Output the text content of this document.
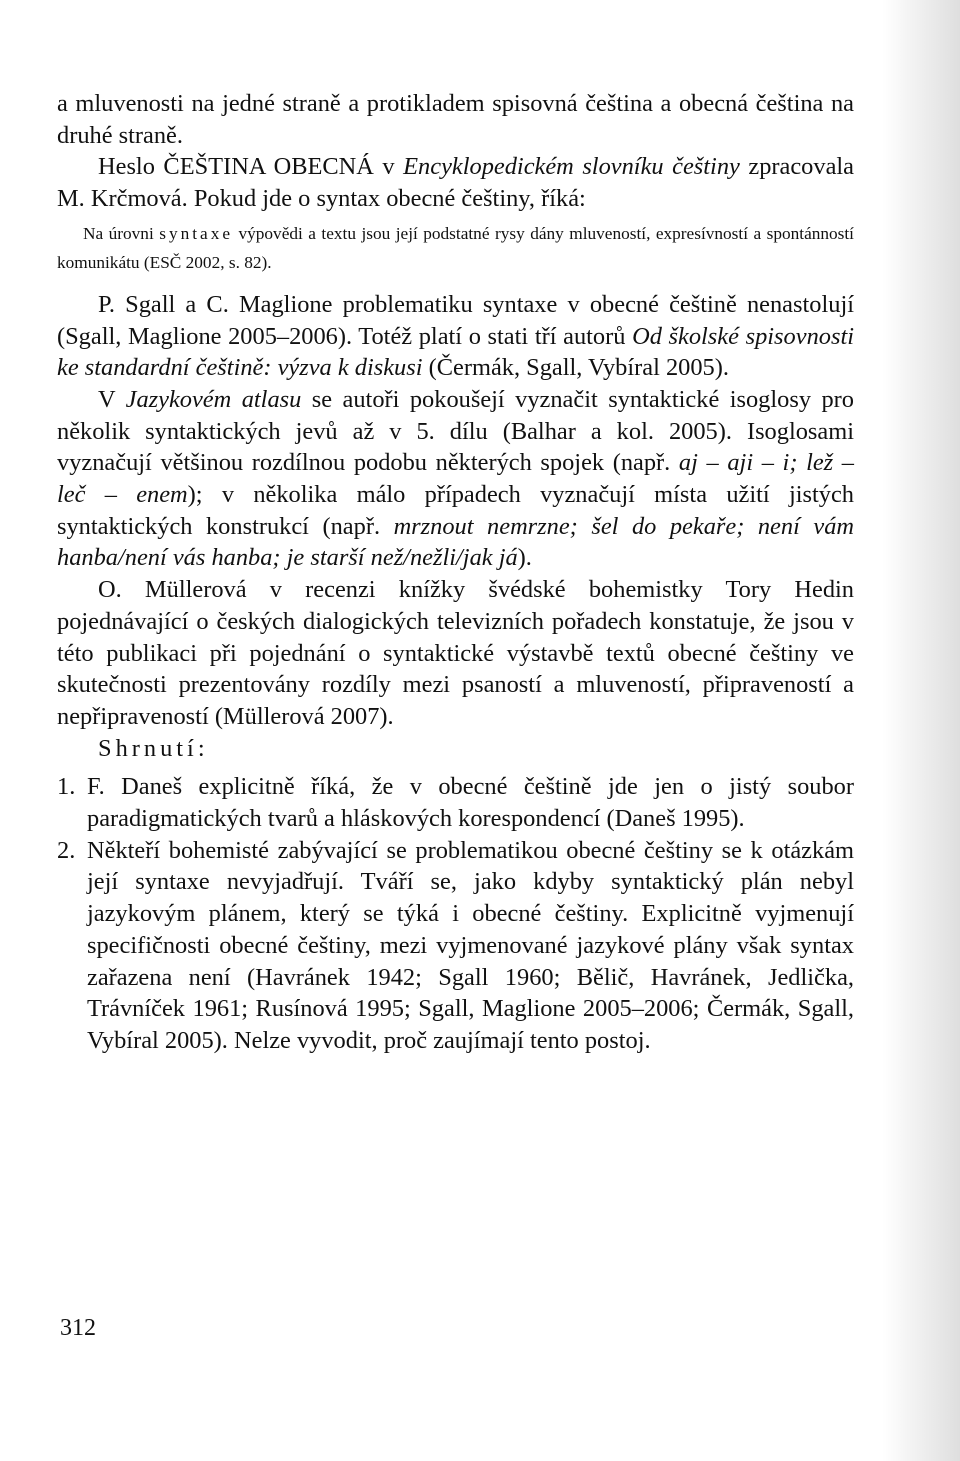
a mluvenosti na jedné straně a protikladem spisovná čeština a obecná čeština na druhé straně.

Heslo ČEŠTINA OBECNÁ v Encyklopedickém slovníku češtiny zpracovala M. Krčmová. Pokud jde o syntax obecné češtiny, říká:

Na úrovni syntaxe výpovědi a textu jsou její podstatné rysy dány mluveností, expresívností a spontánností komunikátu (ESČ 2002, s. 82).

P. Sgall a C. Maglione problematiku syntaxe v obecné češtině nenastolují (Sgall, Maglione 2005–2006). Totéž platí o stati tří autorů Od školské spisovnosti ke standardní češtině: výzva k diskusi (Čermák, Sgall, Vybíral 2005).

V Jazykovém atlasu se autoři pokoušejí vyznačit syntaktické isoglosy pro několik syntaktických jevů až v 5. dílu (Balhar a kol. 2005). Isoglosami vyznačují většinou rozdílnou podobu některých spojek (např. aj – aji – i; lež – leč – enem); v několika málo případech vyznačují místa užití jistých syntaktických konstrukcí (např. mrznout nemrzne; šel do pekaře; není vám hanba/není vás hanba; je starší než/nežli/jak já).

O. Müllerová v recenzi knížky švédské bohemistky Tory Hedin pojednávající o českých dialogických televizních pořadech konstatuje, že jsou v této publikaci při pojednání o syntaktické výstavbě textů obecné češtiny ve skutečnosti prezentovány rozdíly mezi psaností a mluveností, připraveností a nepřipraveností (Müllerová 2007).

Shrnutí:

1. F. Daneš explicitně říká, že v obecné češtině jde jen o jistý soubor paradigmatických tvarů a hláskových korespondencí (Daneš 1995).
2. Někteří bohemisté zabývající se problematikou obecné češtiny se k otázkám její syntaxe nevyjadřují. Tváří se, jako kdyby syntaktický plán nebyl jazykovým plánem, který se týká i obecné češtiny. Explicitně vyjmenují specifičnosti obecné češtiny, mezi vyjmenované jazykové plány však syntax zařazena není (Havránek 1942; Sgall 1960; Bělič, Havránek, Jedlička, Trávníček 1961; Rusínová 1995; Sgall, Maglione 2005–2006; Čermák, Sgall, Vybíral 2005). Nelze vyvodit, proč zaujímají tento postoj.
312
